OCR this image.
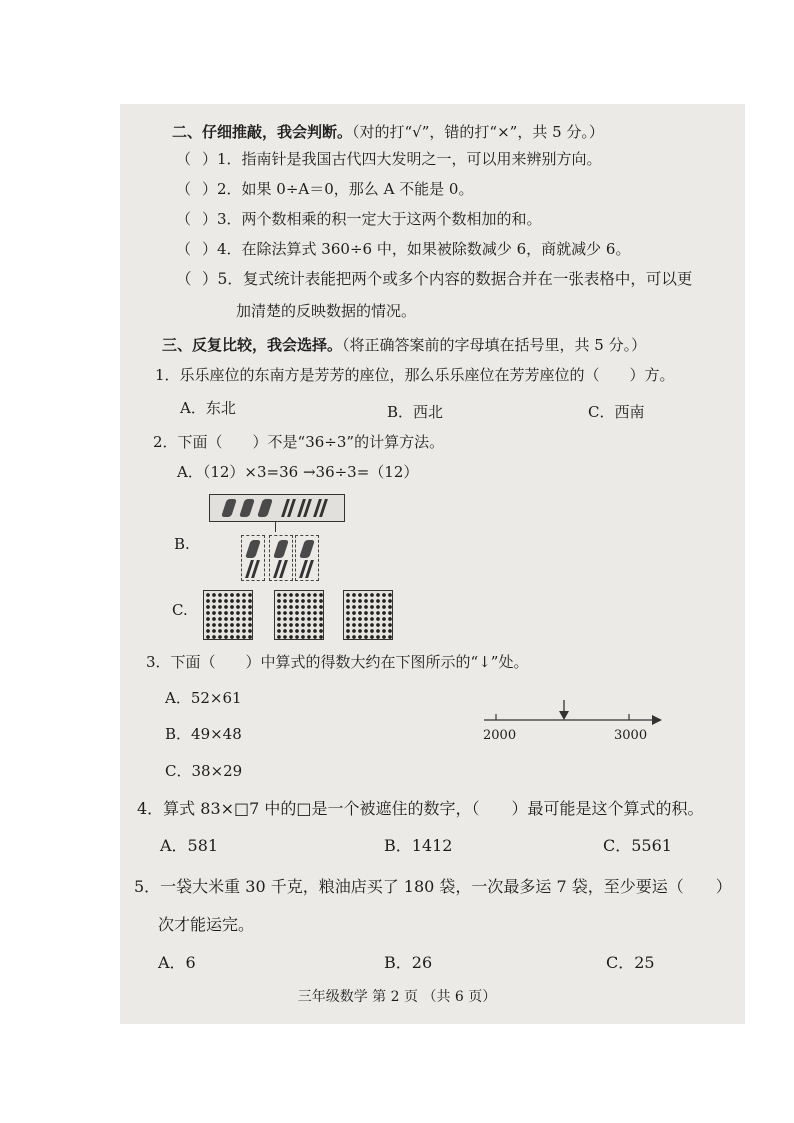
二、仔细推敲，我会判断。（对的打“√”，错的打“×”，共 5 分。）
（ ）1．指南针是我国古代四大发明之一，可以用来辨别方向。
（ ）2．如果 0÷A＝0，那么 A 不能是 0。
（ ）3．两个数相乘的积一定大于这两个数相加的和。
（ ）4．在除法算式 360÷6 中，如果被除数减少 6，商就减少 6。
（ ）5．复式统计表能把两个或多个内容的数据合并在一张表格中，可以更
加清楚的反映数据的情况。
三、反复比较，我会选择。（将正确答案前的字母填在括号里，共 5 分。）
1．乐乐座位的东南方是芳芳的座位，那么乐乐座位在芳芳座位的（　　）方。
A．东北	B．西北	C．西南
2．下面（　　）不是“36÷3”的计算方法。
A．（12）×3=36 →36÷3=（12）
B.
C.
3．下面（　　）中算式的得数大约在下图所示的“↓”处。
A．52×61
B．49×48
C．38×29
2000	3000
4．算式 83×□7 中的□是一个被遮住的数字，（　　）最可能是这个算式的积。
A．581	B．1412	C．5561
5．一袋大米重 30 千克，粮油店买了 180 袋，一次最多运 7 袋，至少要运（　　）
次才能运完。
A．6	B．26	C．25
三年级数学 第 2 页 （共 6 页）
